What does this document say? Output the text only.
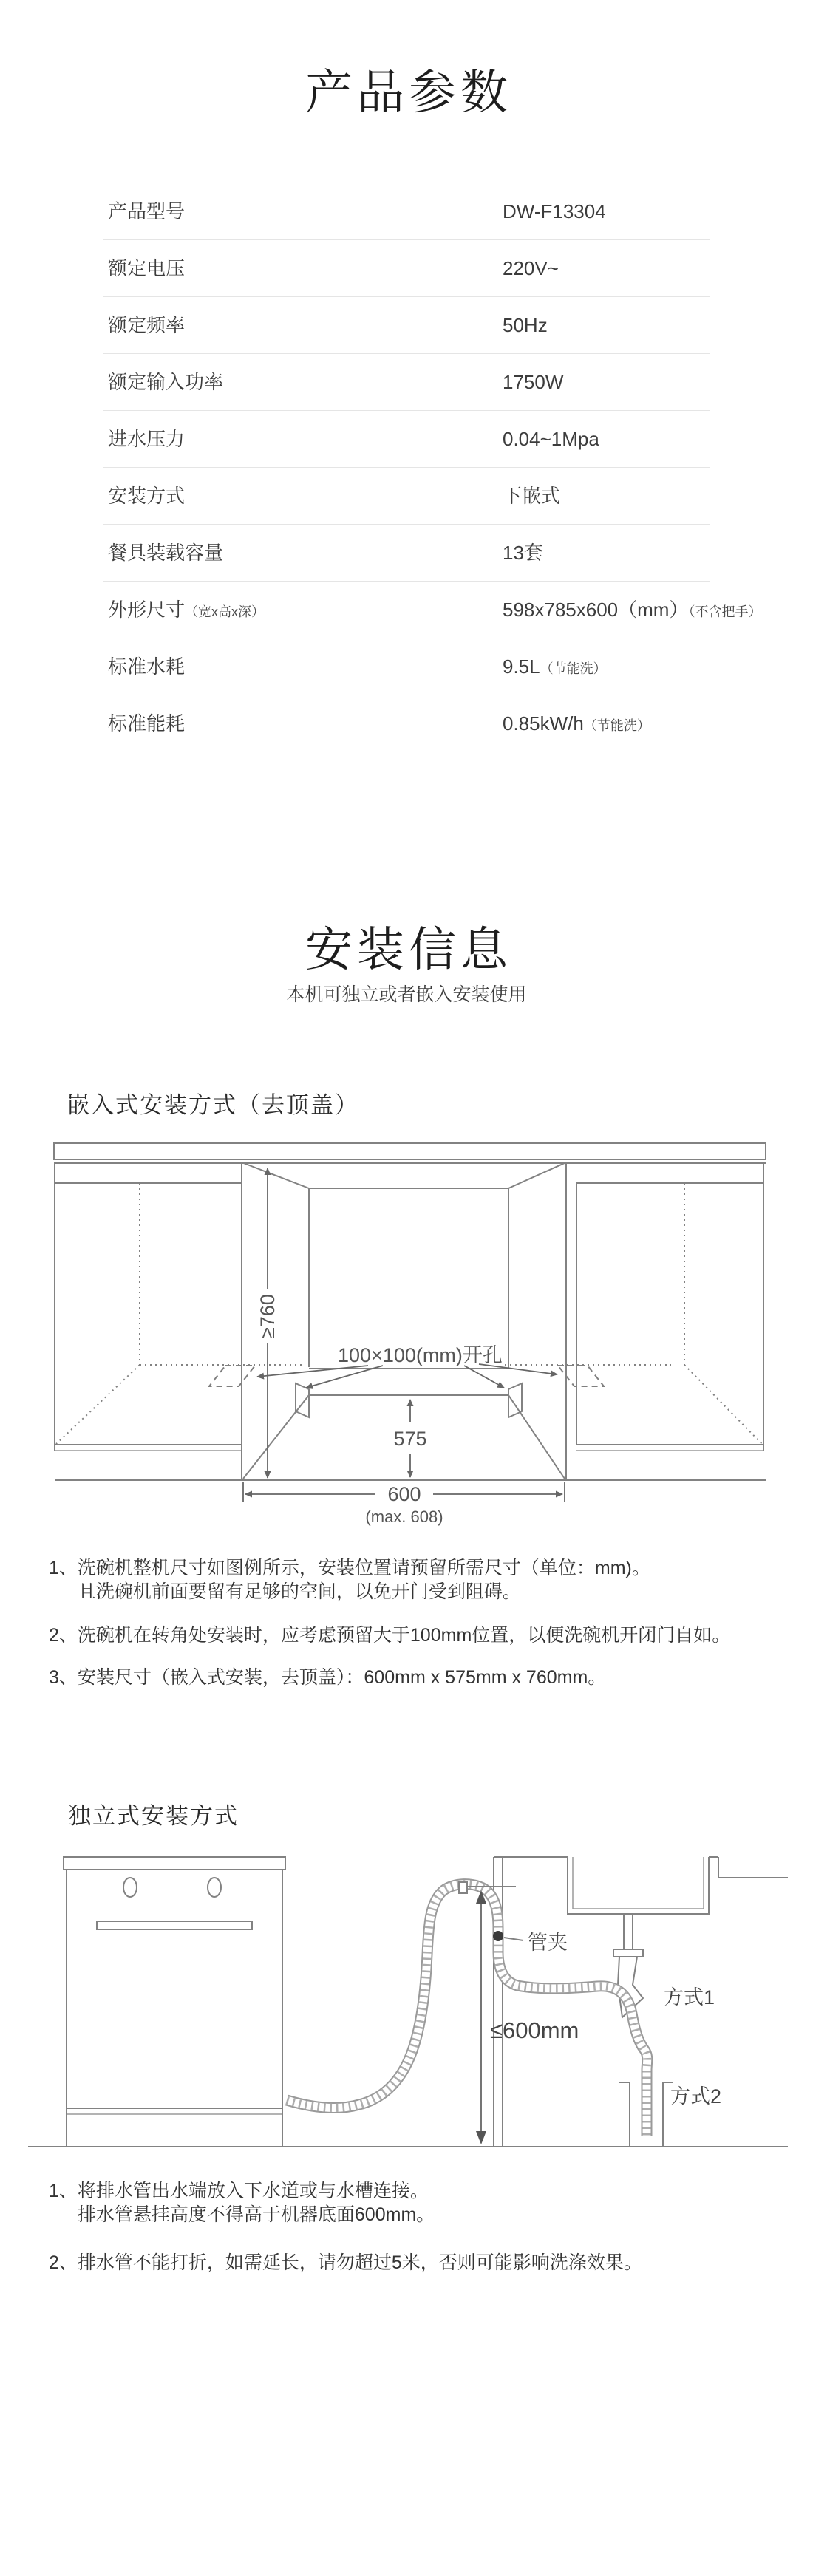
产品参数
产品型号	DW-F13304
额定电压	220V~
额定频率	50Hz
额定输入功率	1750W
进水压力	0.04~1Mpa
安装方式	下嵌式
餐具装载容量	13套
外形尺寸（宽x高x深）	598x785x600（mm）（不含把手）
标准水耗	9.5L（节能洗）
标准能耗	0.85kW/h（节能洗）
安装信息
本机可独立或者嵌入安装使用
嵌入式安装方式（去顶盖）
≥760
100×100(mm)开孔
575
600
(max. 608)
1、 洗碗机整机尺寸如图例所示，安装位置请预留所需尺寸（单位：mm)。
且洗碗机前面要留有足够的空间，以免开门受到阻碍。
2、 洗碗机在转角处安装时，应考虑预留大于100mm位置，以便洗碗机开闭门自如。
3、 安装尺寸（嵌入式安装，去顶盖）：600mm x 575mm x 760mm。
独立式安装方式
管夹
≤600mm
方式1
方式2
1、 将排水管出水端放入下水道或与水槽连接。
排水管悬挂高度不得高于机器底面600mm。
2、 排水管不能打折，如需延长，请勿超过5米，否则可能影响洗涤效果。
